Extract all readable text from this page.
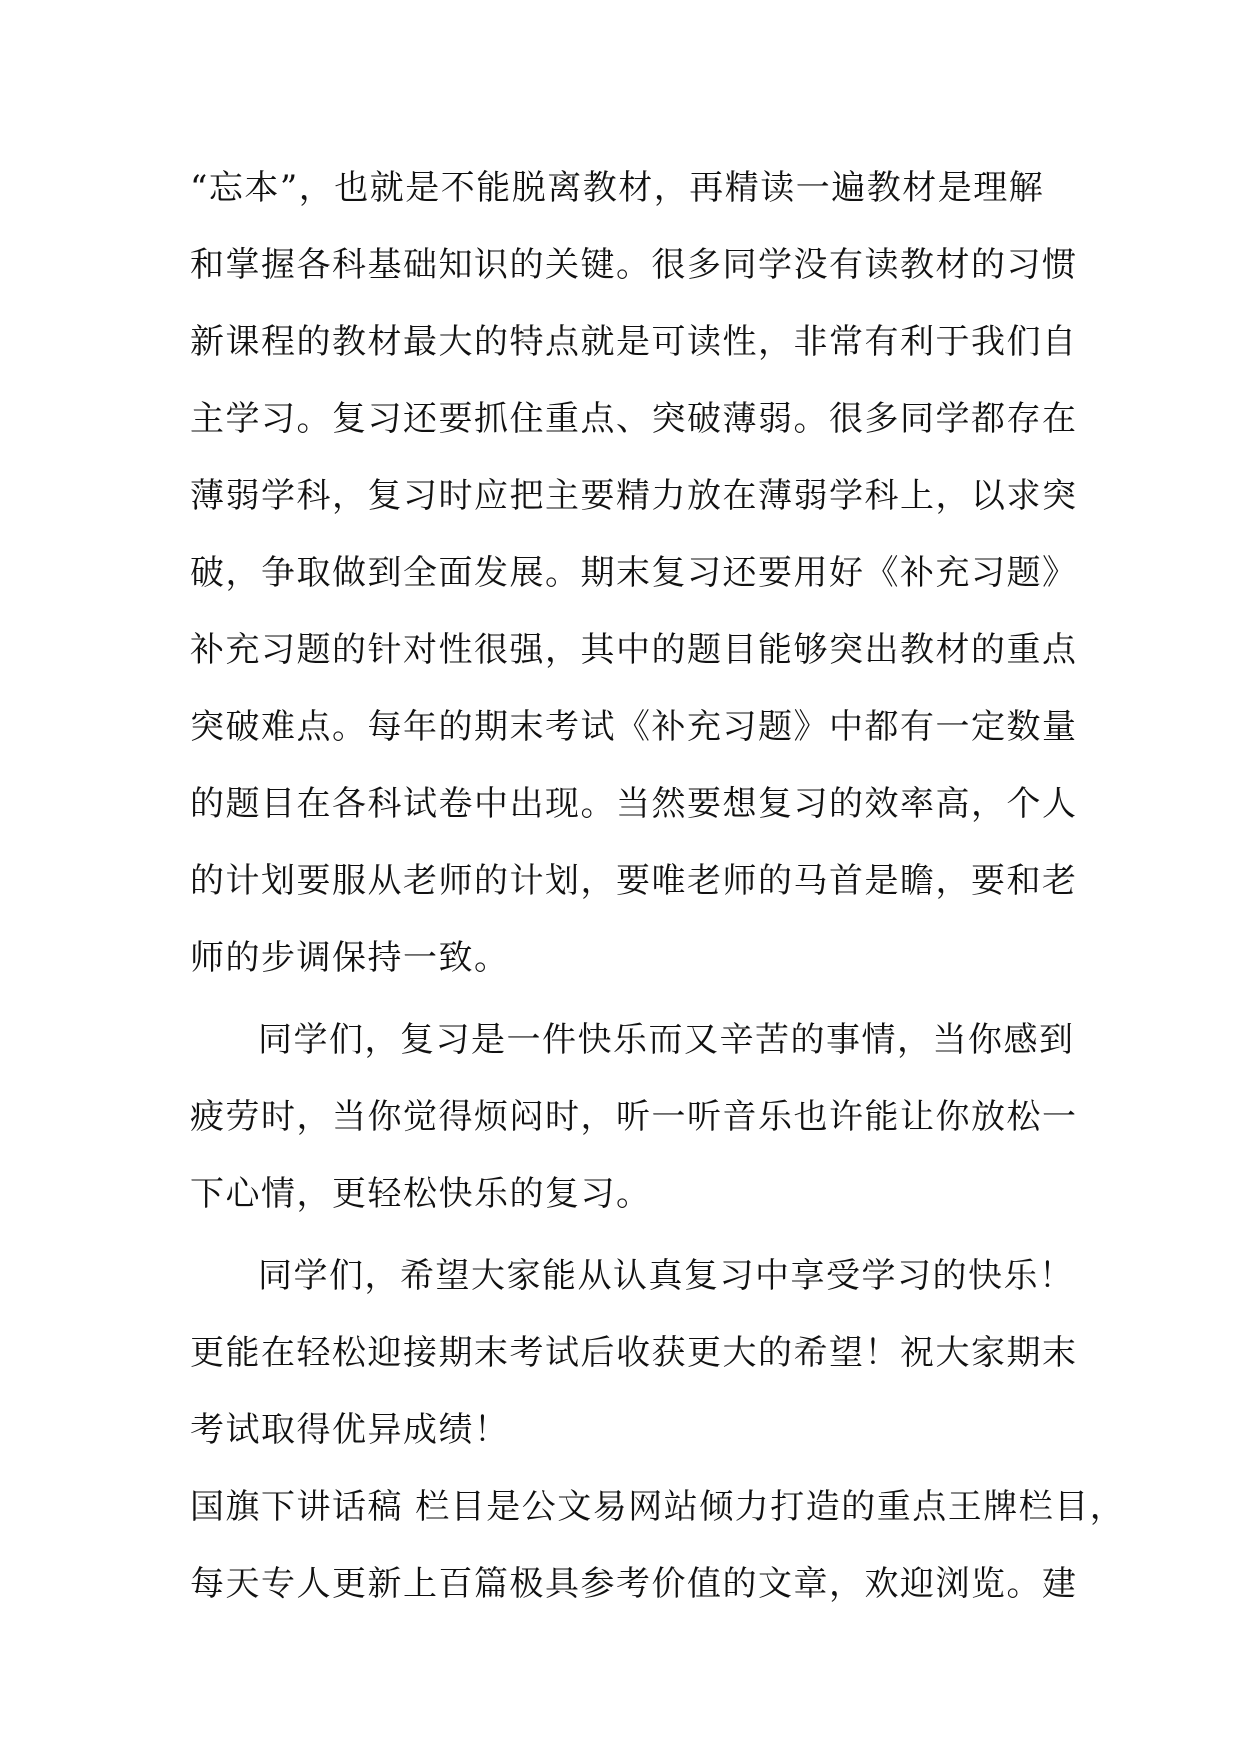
“忘本”，也就是不能脱离教材，再精读一遍教材是理解
和掌握各科基础知识的关键。很多同学没有读教材的习惯
新课程的教材最大的特点就是可读性，非常有利于我们自
主学习。复习还要抓住重点、突破薄弱。很多同学都存在
薄弱学科，复习时应把主要精力放在薄弱学科上，以求突
破，争取做到全面发展。期末复习还要用好《补充习题》
补充习题的针对性很强，其中的题目能够突出教材的重点
突破难点。每年的期末考试《补充习题》中都有一定数量
的题目在各科试卷中出现。当然要想复习的效率高，个人
的计划要服从老师的计划，要唯老师的马首是瞻，要和老
师的步调保持一致。
同学们，复习是一件快乐而又辛苦的事情，当你感到
疲劳时，当你觉得烦闷时，听一听音乐也许能让你放松一
下心情，更轻松快乐的复习。
同学们，希望大家能从认真复习中享受学习的快乐！
更能在轻松迎接期末考试后收获更大的希望！祝大家期末
考试取得优异成绩！
国旗下讲话稿 栏目是公文易网站倾力打造的重点王牌栏目，
每天专人更新上百篇极具参考价值的文章，欢迎浏览。建
